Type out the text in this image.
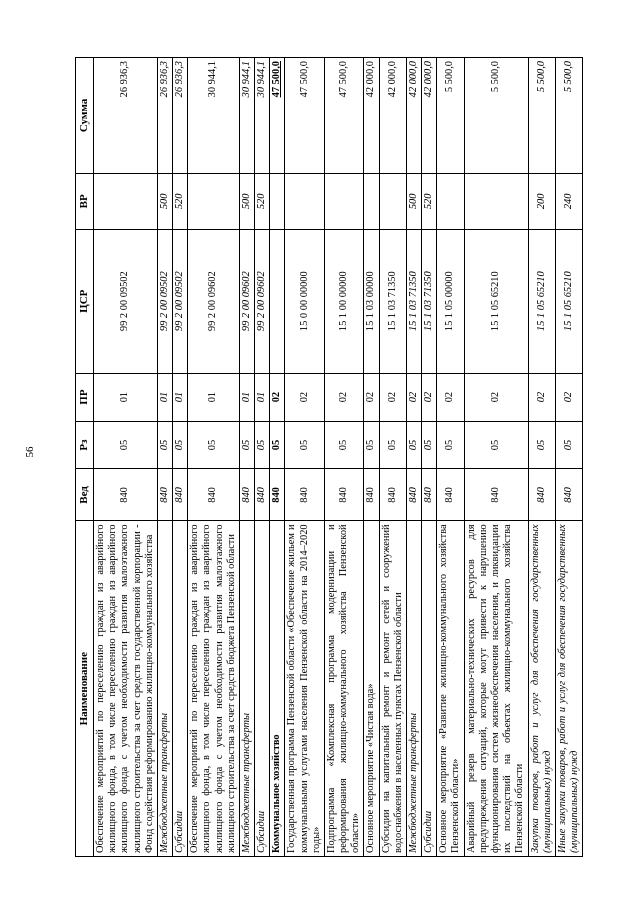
56
Наименование	Вед	Рз	ПР	ЦСР	ВР	Сумма
Обеспечение мероприятий по переселению граждан из аварийного жилищного фонда, в том числе переселению граждан из аварийного жилищного фонда с учетом необходимости развития малоэтажного жилищного строительства за счет средств государственной корпорации - Фонд содействия реформированию жилищно-коммунального хозяйства	840	05	01	99 2 00 09502		26 936,3
Межбюджетные трансферты	840	05	01	99 2 00 09502	500	26 936,3
Субсидии	840	05	01	99 2 00 09502	520	26 936,3
Обеспечение мероприятий по переселению граждан из аварийного жилищного фонда, в том числе переселению граждан из аварийного жилищного фонда с учетом необходимости развития малоэтажного жилищного строительства за счет средств бюджета Пензенской области	840	05	01	99 2 00 09602		30 944,1
Межбюджетные трансферты	840	05	01	99 2 00 09602	500	30 944,1
Субсидии	840	05	01	99 2 00 09602	520	30 944,1
Коммунальное хозяйство	840	05	02			47 500,0
Государственная программа Пензенской области «Обеспечение жильем и коммунальными услугами населения Пензенской области на 2014–2020 годы»	840	05	02	15 0 00 00000		47 500,0
Подпрограмма «Комплексная программа модернизации и реформирования жилищно-коммунального хозяйства Пензенской области»	840	05	02	15 1 00 00000		47 500,0
Основное мероприятие «Чистая вода»	840	05	02	15 1 03 00000		42 000,0
Субсидии на капитальный ремонт и ремонт сетей и сооружений водоснабжения в населенных пунктах Пензенской области	840	05	02	15 1 03 71350		42 000,0
Межбюджетные трансферты	840	05	02	15 1 03 71350	500	42 000,0
Субсидии	840	05	02	15 1 03 71350	520	42 000,0
Основное мероприятие «Развитие жилищно-коммунального хозяйства Пензенской области»	840	05	02	15 1 05 00000		5 500,0
Аварийный резерв материально-технических ресурсов для предупреждения ситуаций, которые могут привести к нарушению функционирования систем жизнеобеспечения населения, и ликвидации их последствий на объектах жилищно-коммунального хозяйства Пензенской области	840	05	02	15 1 05 65210		5 500,0
Закупка товаров, работ и услуг для обеспечения государственных (муниципальных) нужд	840	05	02	15 1 05 65210	200	5 500,0
Иные закупки товаров, работ и услуг для обеспечения государственных (муниципальных) нужд	840	05	02	15 1 05 65210	240	5 500,0
